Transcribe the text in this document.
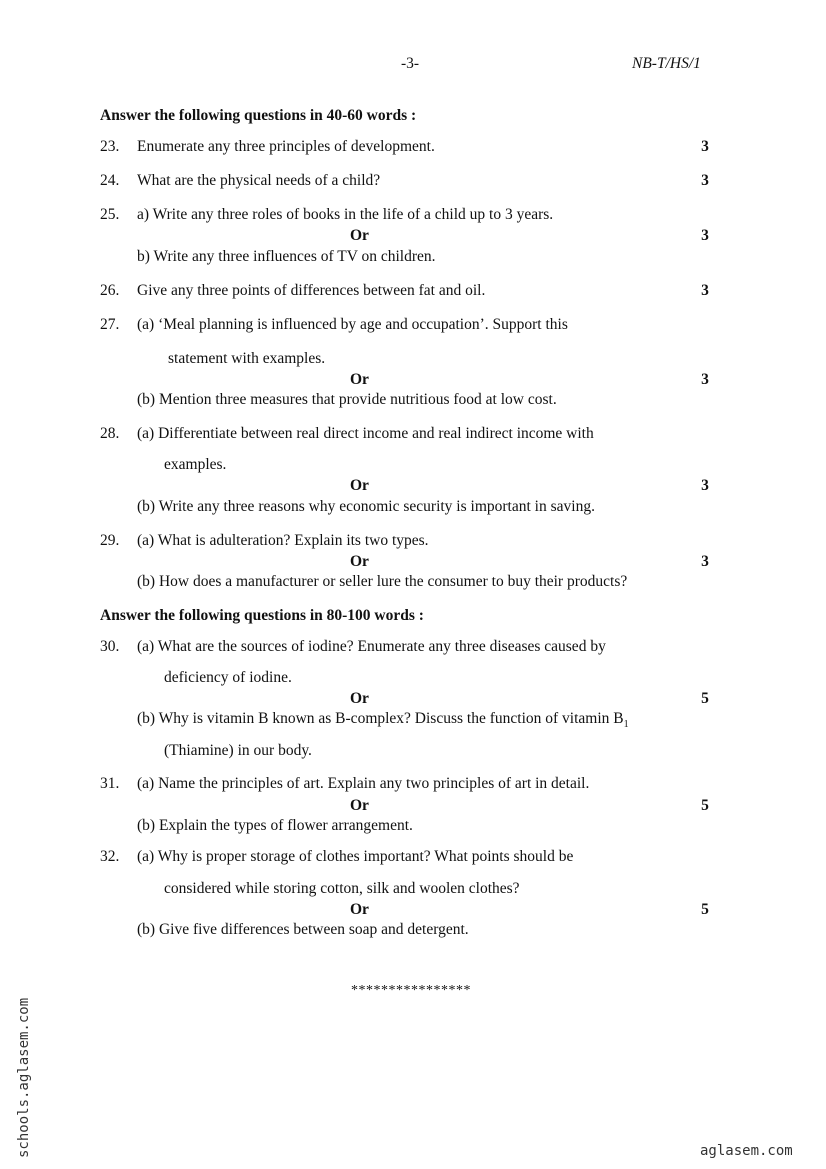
-3-	NB-T/HS/1
Answer the following questions in 40-60 words :
23. Enumerate any three principles of development.	3
24. What are the physical needs of a child?	3
25. a) Write any three roles of books in the life of a child up to 3 years.
Or	3
b) Write any three influences of TV on children.
26. Give any three points of differences between fat and oil.	3
27. (a) ‘Meal planning is influenced by age and occupation’. Support this
statement with examples.
Or	3
(b) Mention three measures that provide nutritious food at low cost.
28. (a) Differentiate between real direct income and real indirect income with
examples.
Or	3
(b) Write any three reasons why economic security is important in saving.
29. (a) What is adulteration? Explain its two types.
Or	3
(b) How does a manufacturer or seller lure the consumer to buy their products?
Answer the following questions in 80-100 words :
30. (a) What are the sources of iodine? Enumerate any three diseases caused by
deficiency of iodine.
Or	5
(b) Why is vitamin B known as B-complex? Discuss the function of vitamin $B_1$
(Thiamine) in our body.
31. (a) Name the principles of art. Explain any two principles of art in detail.
Or	5
(b) Explain the types of flower arrangement.
32. (a) Why is proper storage of clothes important? What points should be
considered while storing cotton, silk and woolen clothes?
Or	5
(b) Give five differences between soap and detergent.
****************
schools.aglasem.com	aglasem.com
